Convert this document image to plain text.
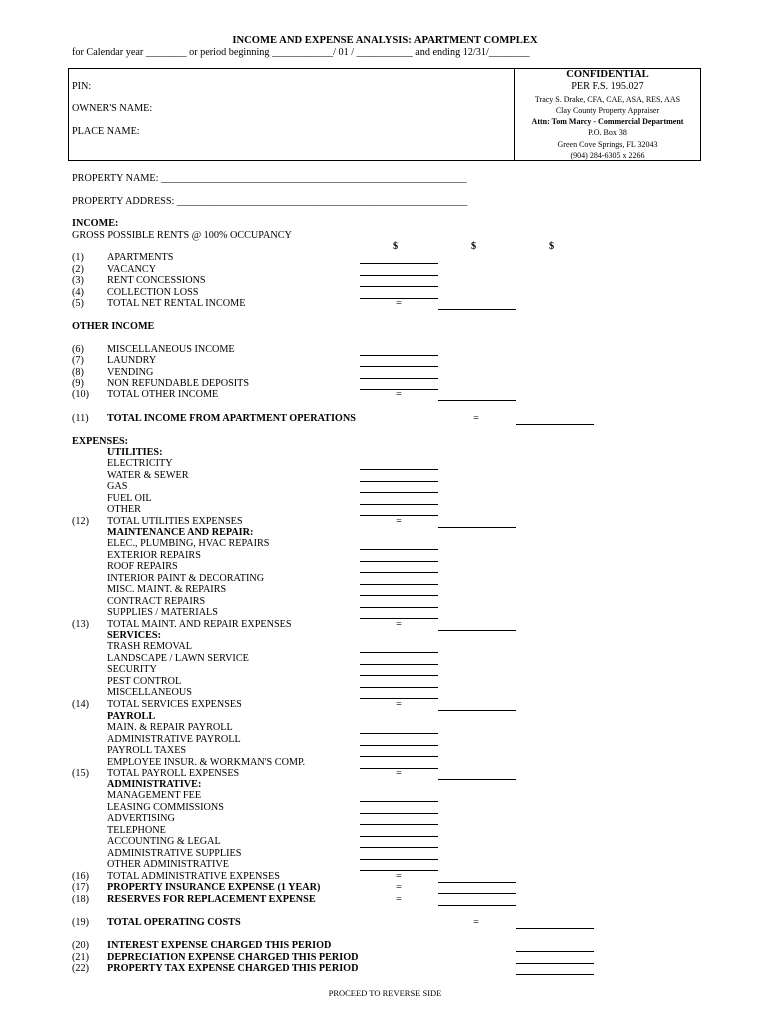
INCOME AND EXPENSE ANALYSIS: APARTMENT COMPLEX
for Calendar year ________ or period beginning ____________/ 01 / ___________ and ending 12/31/________
PIN:
OWNER'S NAME:
PLACE NAME:
CONFIDENTIAL
PER F.S. 195.027
Tracy S. Drake, CFA, CAE, ASA, RES, AAS
Clay County Property Appraiser
Attn: Tom Marcy - Commercial Department
P.O. Box 38
Green Cove Springs, FL 32043
(904) 284-6305 x 2266
PROPERTY NAME: ____________________________________________________________
PROPERTY ADDRESS: _________________________________________________________
INCOME:
GROSS POSSIBLE RENTS @ 100% OCCUPANCY
$	$	$
(1) APARTMENTS
(2) VACANCY
(3) RENT CONCESSIONS
(4) COLLECTION LOSS
(5) TOTAL NET RENTAL INCOME	=
OTHER INCOME
(6) MISCELLANEOUS INCOME
(7) LAUNDRY
(8) VENDING
(9) NON REFUNDABLE DEPOSITS
(10) TOTAL OTHER INCOME	=
(11) TOTAL INCOME FROM APARTMENT OPERATIONS	=
EXPENSES:
UTILITIES:
ELECTRICITY
WATER & SEWER
GAS
FUEL OIL
OTHER
(12) TOTAL UTILITIES EXPENSES	=
MAINTENANCE AND REPAIR:
ELEC., PLUMBING, HVAC REPAIRS
EXTERIOR REPAIRS
ROOF REPAIRS
INTERIOR PAINT & DECORATING
MISC. MAINT. & REPAIRS
CONTRACT REPAIRS
SUPPLIES / MATERIALS
(13) TOTAL MAINT. AND REPAIR EXPENSES	=
SERVICES:
TRASH REMOVAL
LANDSCAPE / LAWN SERVICE
SECURITY
PEST CONTROL
MISCELLANEOUS
(14) TOTAL SERVICES EXPENSES	=
PAYROLL
MAIN. & REPAIR PAYROLL
ADMINISTRATIVE PAYROLL
PAYROLL TAXES
EMPLOYEE INSUR. & WORKMAN'S COMP.
(15) TOTAL PAYROLL EXPENSES	=
ADMINISTRATIVE:
MANAGEMENT FEE
LEASING COMMISSIONS
ADVERTISING
TELEPHONE
ACCOUNTING & LEGAL
ADMINISTRATIVE SUPPLIES
OTHER ADMINISTRATIVE
(16) TOTAL ADMINISTRATIVE EXPENSES	=
(17) PROPERTY INSURANCE EXPENSE (1 YEAR)	=
(18) RESERVES FOR REPLACEMENT EXPENSE	=
(19) TOTAL OPERATING COSTS	=
(20) INTEREST EXPENSE CHARGED THIS PERIOD
(21) DEPRECIATION EXPENSE CHARGED THIS PERIOD
(22) PROPERTY TAX EXPENSE CHARGED THIS PERIOD
PROCEED TO REVERSE SIDE
